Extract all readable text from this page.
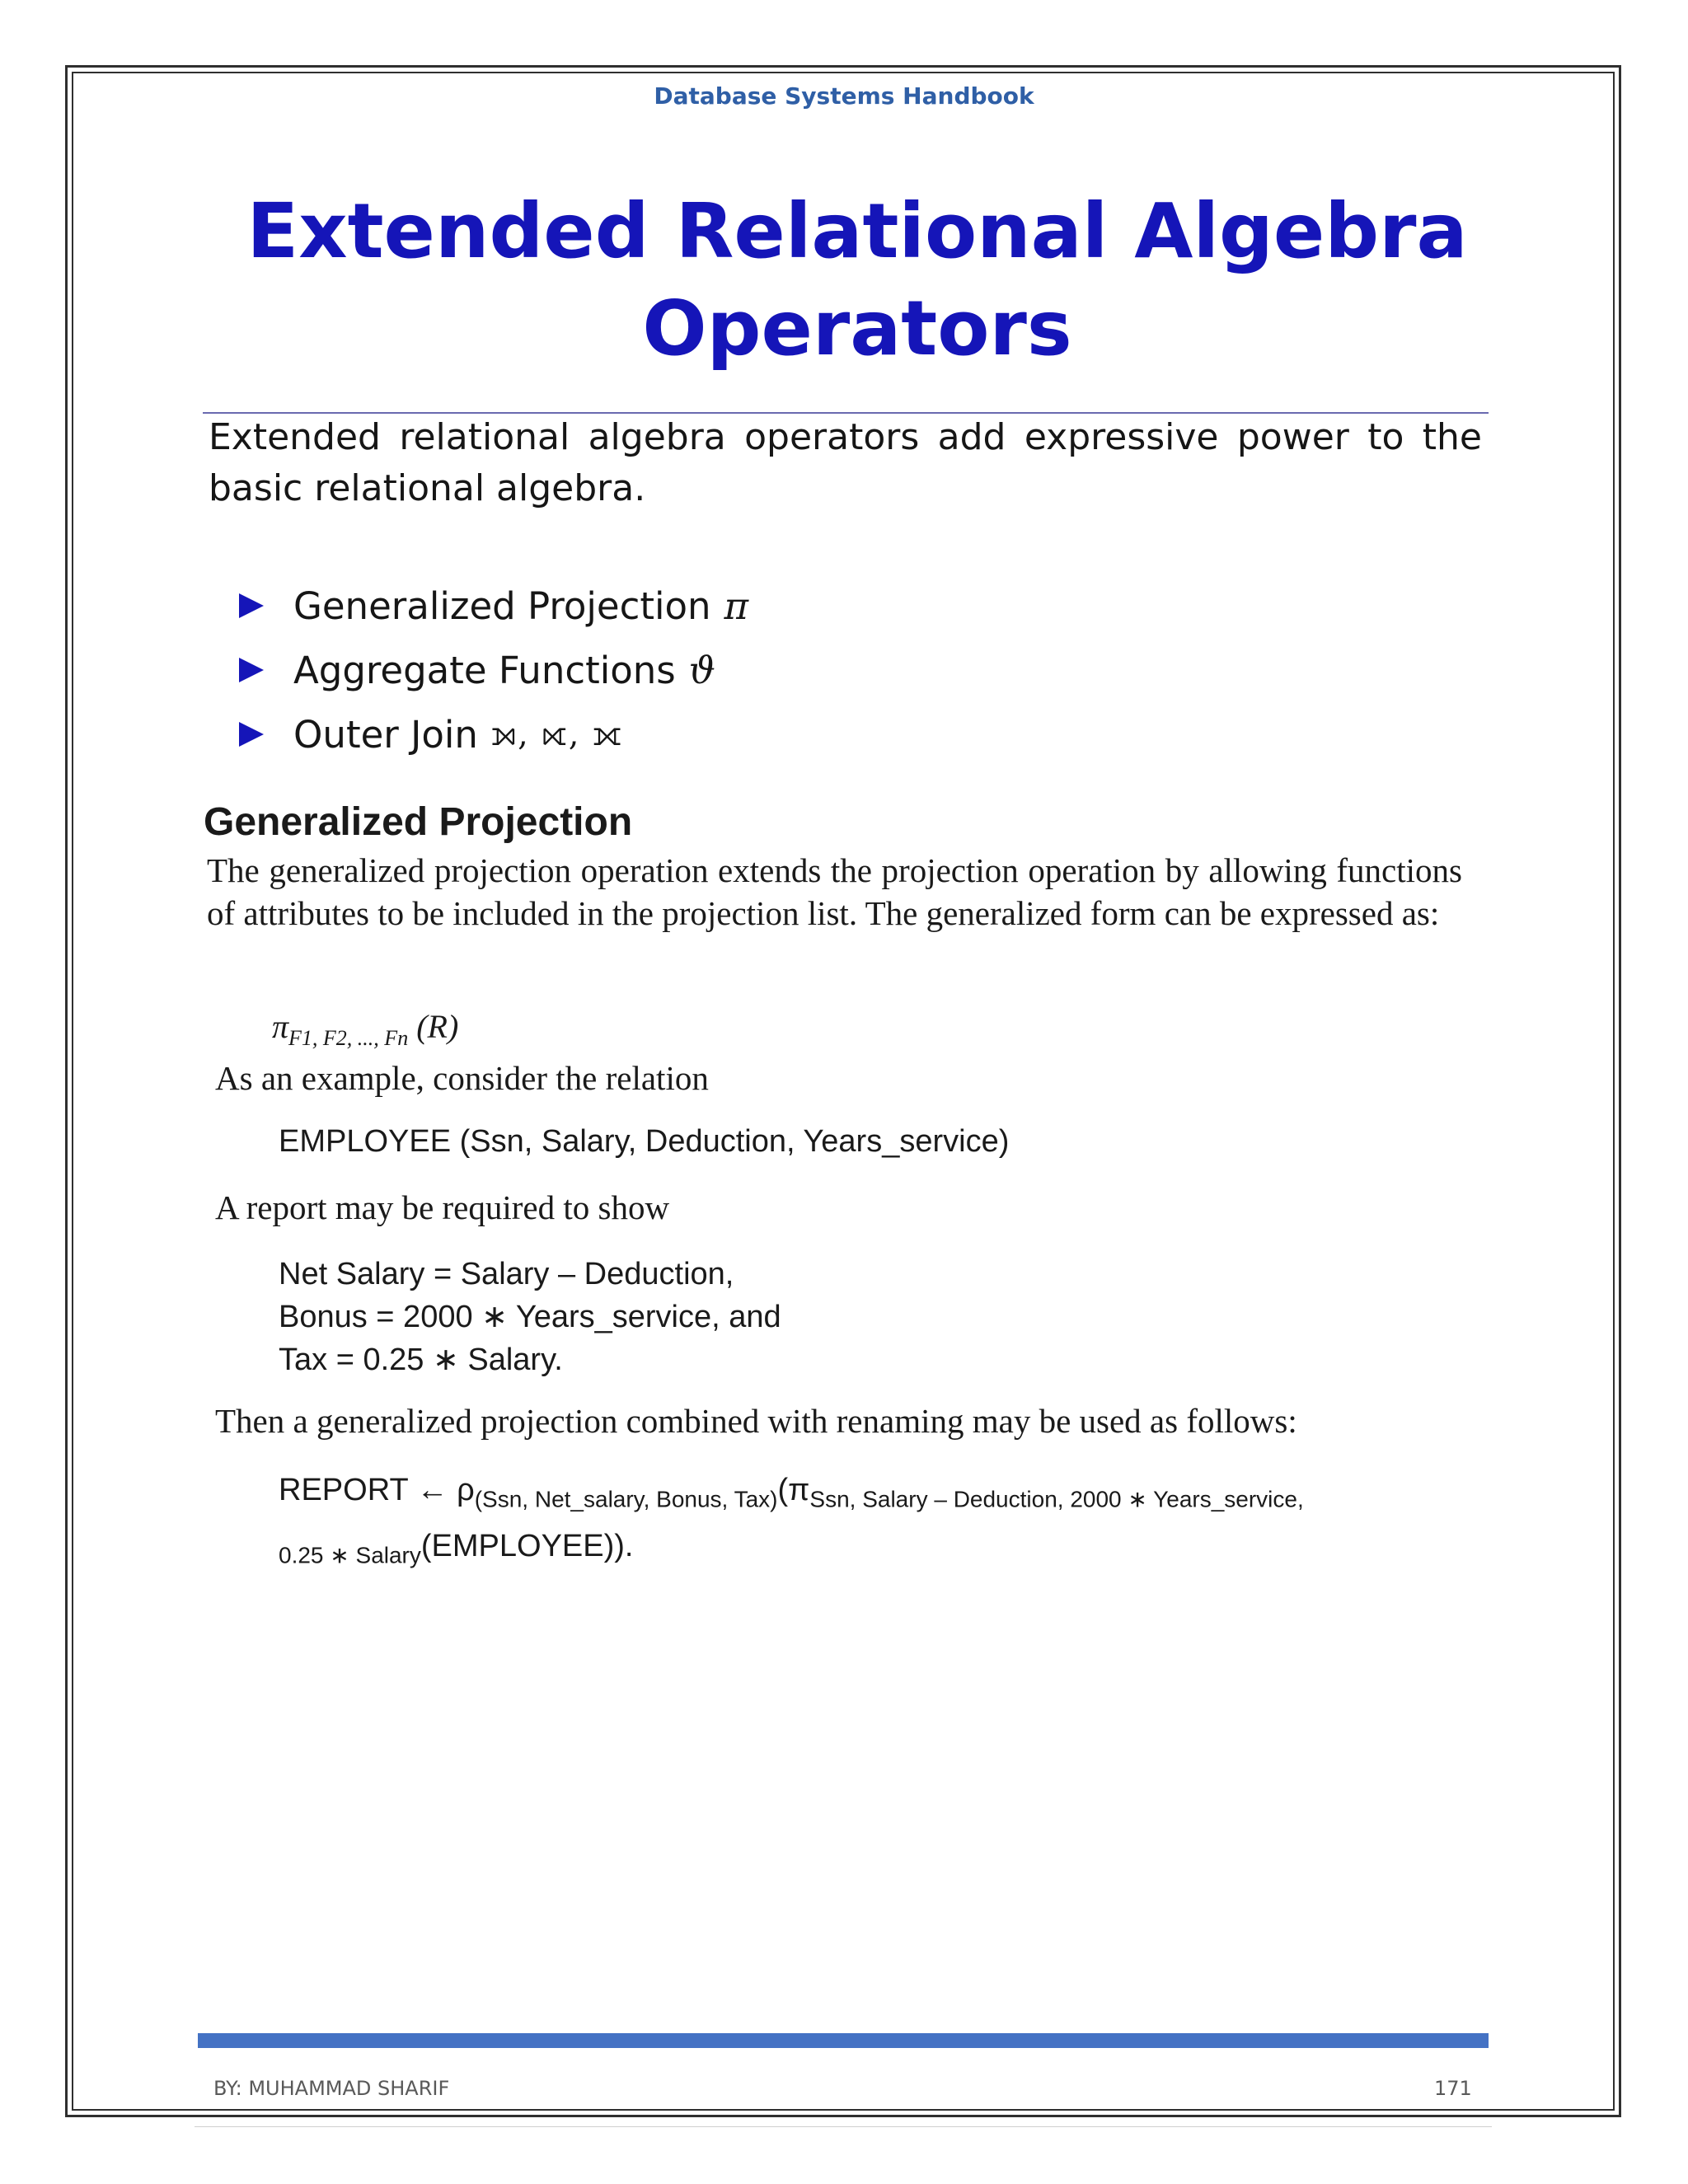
Database Systems Handbook
Extended Relational Algebra
Operators

Extended relational algebra operators add expressive power to the basic relational algebra.

Generalized Projection π
Aggregate Functions ϑ
Outer Join ⟕, ⟖, ⟗
Generalized Projection

The generalized projection operation extends the projection operation by allowing functions of attributes to be included in the projection list. The generalized form can be expressed as:

$\pi_{F1, F2, ..., Fn}$ (R)
As an example, consider the relation
EMPLOYEE (Ssn, Salary, Deduction, Years_service)
A report may be required to show
Net Salary = Salary – Deduction,
Bonus = 2000 ∗ Years_service, and
Tax = 0.25 ∗ Salary.
Then a generalized projection combined with renaming may be used as follows:
REPORT ← $\rho_{(Ssn, Net\_salary, Bonus, Tax)}(\pi_{Ssn, Salary - Deduction, 2000 ∗ Years\_service,}$
$_{0.25 ∗ Salary}$(EMPLOYEE)).
BY: MUHAMMAD SHARIF	171
